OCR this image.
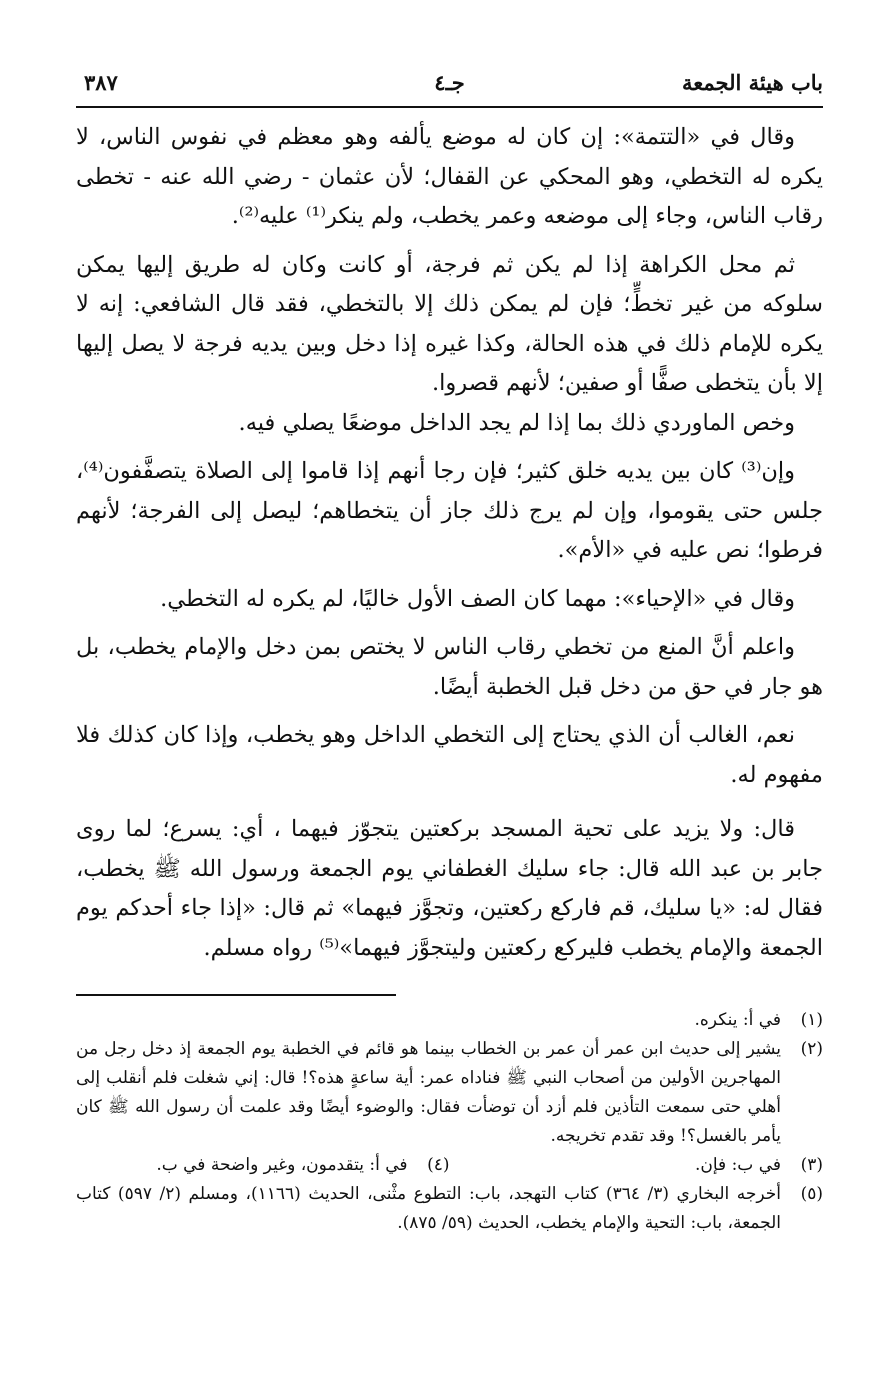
باب هيئة الجمعة
جـ٤
٣٨٧

وقال في «التتمة»: إن كان له موضع يألفه وهو معظم في نفوس الناس، لا يكره له التخطي، وهو المحكي عن القفال؛ لأن عثمان - رضي الله عنه - تخطى رقاب الناس، وجاء إلى موضعه وعمر يخطب، ولم ينكر⁽¹⁾ عليه⁽²⁾.

ثم محل الكراهة إذا لم يكن ثم فرجة، أو كانت وكان له طريق إليها يمكن سلوكه من غير تخطٍّ؛ فإن لم يمكن ذلك إلا بالتخطي، فقد قال الشافعي: إنه لا يكره للإمام ذلك في هذه الحالة، وكذا غيره إذا دخل وبين يديه فرجة لا يصل إليها إلا بأن يتخطى صفًّا أو صفين؛ لأنهم قصروا.

وخص الماوردي ذلك بما إذا لم يجد الداخل موضعًا يصلي فيه.

وإن⁽³⁾ كان بين يديه خلق كثير؛ فإن رجا أنهم إذا قاموا إلى الصلاة يتصفَّفون⁽⁴⁾، جلس حتى يقوموا، وإن لم يرج ذلك جاز أن يتخطاهم؛ ليصل إلى الفرجة؛ لأنهم فرطوا؛ نص عليه في «الأم».

وقال في «الإحياء»: مهما كان الصف الأول خاليًا، لم يكره له التخطي.

واعلم أنَّ المنع من تخطي رقاب الناس لا يختص بمن دخل والإمام يخطب، بل هو جار في حق من دخل قبل الخطبة أيضًا.

نعم، الغالب أن الذي يحتاج إلى التخطي الداخل وهو يخطب، وإذا كان كذلك فلا مفهوم له.

قال: ولا يزيد على تحية المسجد بركعتين يتجوّز فيهما ، أي: يسرع؛ لما روى جابر بن عبد الله قال: جاء سليك الغطفاني يوم الجمعة ورسول الله ﷺ يخطب، فقال له: «يا سليك، قم فاركع ركعتين، وتجوَّز فيهما» ثم قال: «إذا جاء أحدكم يوم الجمعة والإمام يخطب فليركع ركعتين وليتجوَّز فيهما»⁽⁵⁾ رواه مسلم.

(١)
في أ: ينكره.
(٢)
يشير إلى حديث ابن عمر أن عمر بن الخطاب بينما هو قائم في الخطبة يوم الجمعة إذ دخل رجل من المهاجرين الأولين من أصحاب النبي ﷺ فناداه عمر: أية ساعةٍ هذه؟! قال: إني شغلت فلم أنقلب إلى أهلي حتى سمعت التأذين فلم أزد أن توضأت فقال: والوضوء أيضًا وقد علمت أن رسول الله ﷺ كان يأمر بالغسل؟! وقد تقدم تخريجه.
(٣)
في ب: فإن.
(٤)
في أ: يتقدمون، وغير واضحة في ب.
(٥)
أخرجه البخاري (٣/ ٣٦٤) كتاب التهجد، باب: التطوع مثْنى، الحديث (١١٦٦)، ومسلم (٢/ ٥٩٧) كتاب الجمعة، باب: التحية والإمام يخطب، الحديث (٥٩/ ٨٧٥).
